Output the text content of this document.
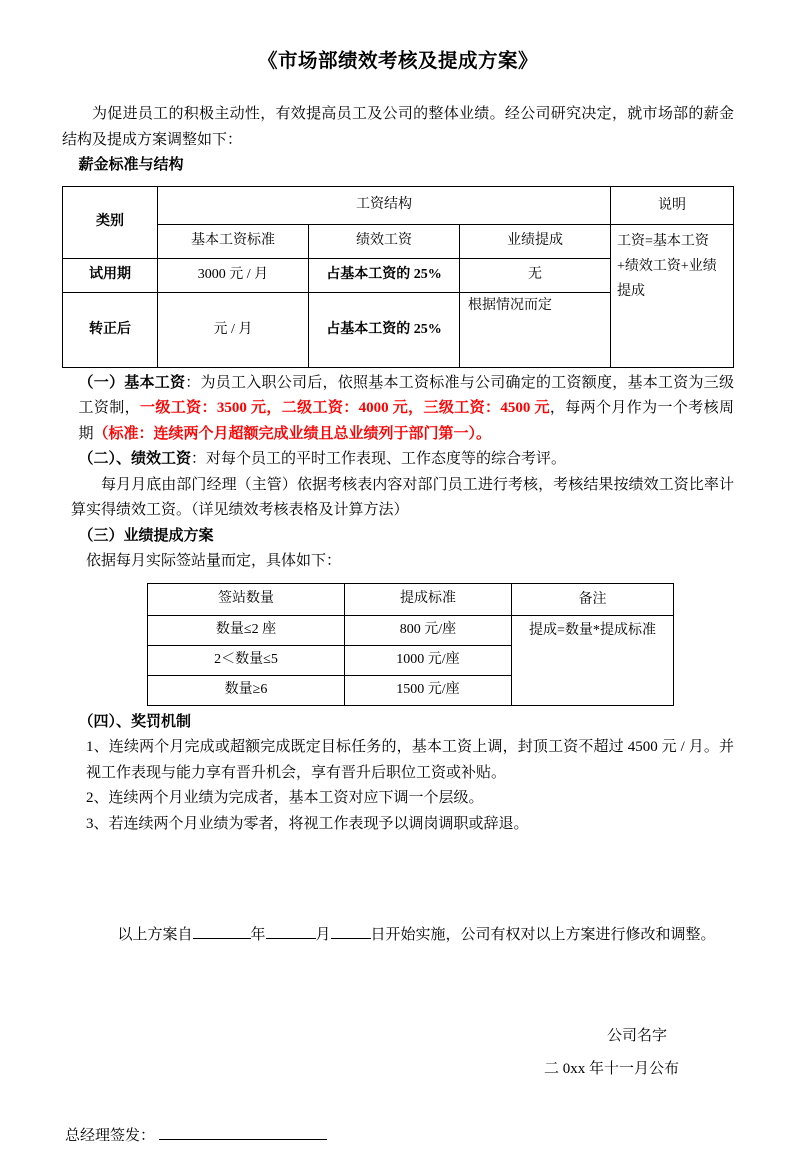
《市场部绩效考核及提成方案》

为促进员工的积极主动性，有效提高员工及公司的整体业绩。经公司研究决定，就市场部的薪金结构及提成方案调整如下：

薪金标准与结构

类别	工资结构			说明
	基本工资标准	绩效工资	业绩提成	工资=基本工资+绩效工资+业绩提成
试用期	3000 元 / 月	占基本工资的 25%	无	
转正后	元 / 月	占基本工资的 25%	根据情况而定	

（一）基本工资：为员工入职公司后，依照基本工资标准与公司确定的工资额度，基本工资为三级工资制，一级工资：3500 元，二级工资：4000 元，三级工资：4500 元，每两个月作为一个考核周期（标准：连续两个月超额完成业绩且总业绩列于部门第一）。

（二）、绩效工资：对每个员工的平时工作表现、工作态度等的综合考评。

每月月底由部门经理（主管）依据考核表内容对部门员工进行考核，考核结果按绩效工资比率计算实得绩效工资。（详见绩效考核表格及计算方法）

（三）业绩提成方案

依据每月实际签站量而定，具体如下：

签站数量	提成标准	备注
数量≤2 座	800 元/座	提成=数量*提成标准
2＜数量≤5	1000 元/座	
数量≥6	1500 元/座	

（四）、奖罚机制

1、连续两个月完成或超额完成既定目标任务的，基本工资上调，封顶工资不超过 4500 元 / 月。并视工作表现与能力享有晋升机会，享有晋升后职位工资或补贴。

2、连续两个月业绩为完成者，基本工资对应下调一个层级。

3、若连续两个月业绩为零者，将视工作表现予以调岗调职或辞退。

以上方案自	年	月	日开始实施，公司有权对以上方案进行修改和调整。

公司名字
二 0xx 年十一月公布

总经理签发：
